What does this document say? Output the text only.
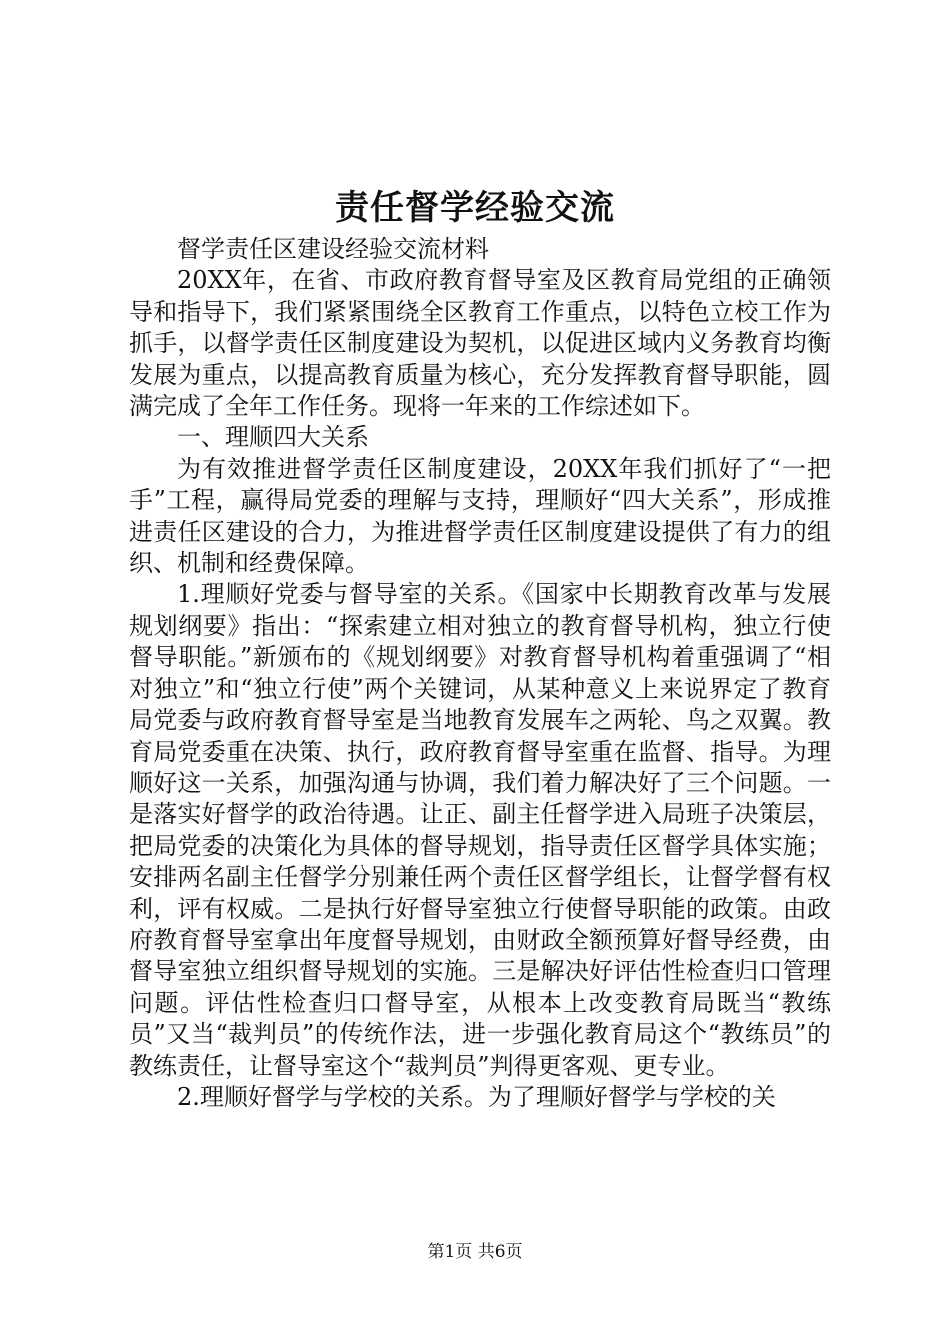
责任督学经验交流

督学责任区建设经验交流材料

20XX年，在省、市政府教育督导室及区教育局党组的正确领导和指导下，我们紧紧围绕全区教育工作重点，以特色立校工作为抓手，以督学责任区制度建设为契机，以促进区域内义务教育均衡发展为重点，以提高教育质量为核心，充分发挥教育督导职能，圆满完成了全年工作任务。现将一年来的工作综述如下。

一、理顺四大关系

为有效推进督学责任区制度建设，20XX年我们抓好了“一把手”工程，赢得局党委的理解与支持，理顺好“四大关系”，形成推进责任区建设的合力，为推进督学责任区制度建设提供了有力的组织、机制和经费保障。

1.理顺好党委与督导室的关系。《国家中长期教育改革与发展规划纲要》指出：“探索建立相对独立的教育督导机构，独立行使督导职能。”新颁布的《规划纲要》对教育督导机构着重强调了“相对独立”和“独立行使”两个关键词，从某种意义上来说界定了教育局党委与政府教育督导室是当地教育发展车之两轮、鸟之双翼。教育局党委重在决策、执行，政府教育督导室重在监督、指导。为理顺好这一关系，加强沟通与协调，我们着力解决好了三个问题。一是落实好督学的政治待遇。让正、副主任督学进入局班子决策层，把局党委的决策化为具体的督导规划，指导责任区督学具体实施；安排两名副主任督学分别兼任两个责任区督学组长，让督学督有权利，评有权威。二是执行好督导室独立行使督导职能的政策。由政府教育督导室拿出年度督导规划，由财政全额预算好督导经费，由督导室独立组织督导规划的实施。三是解决好评估性检查归口管理问题。评估性检查归口督导室，从根本上改变教育局既当“教练员”又当“裁判员”的传统作法，进一步强化教育局这个“教练员”的教练责任，让督导室这个“裁判员”判得更客观、更专业。

2.理顺好督学与学校的关系。为了理顺好督学与学校的关

第1页 共6页
